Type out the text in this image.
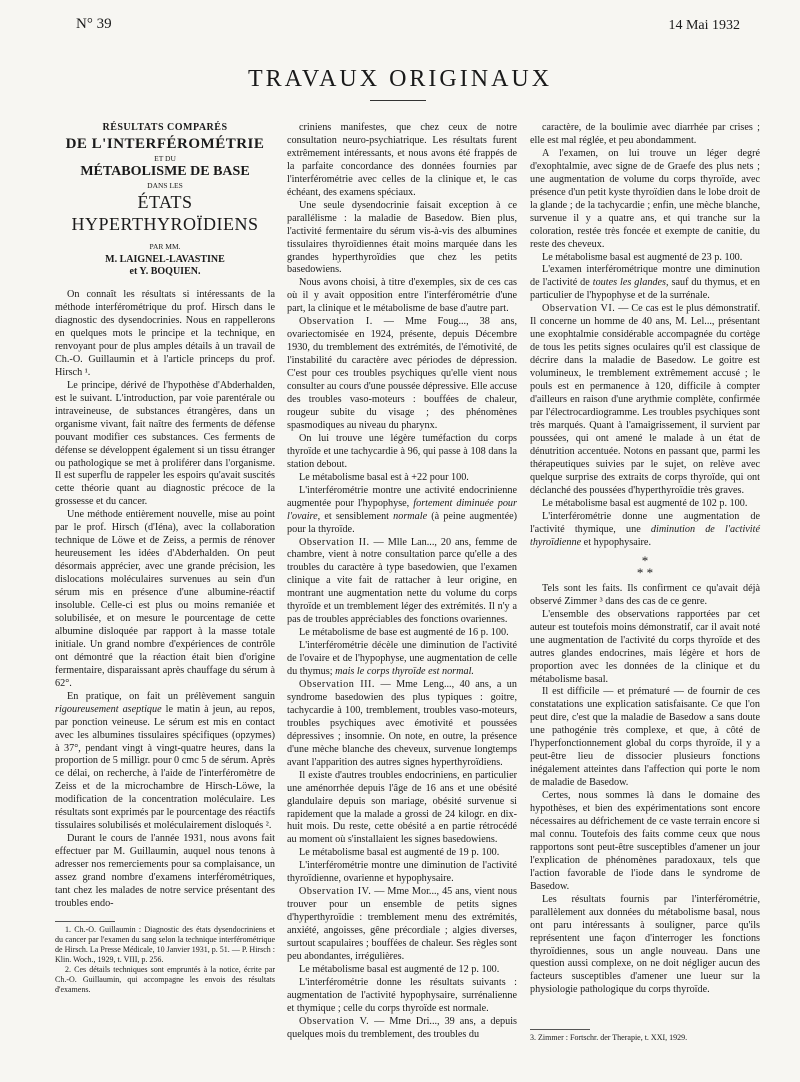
N° 39	14 Mai 1932
TRAVAUX ORIGINAUX
RÉSULTATS COMPARÉS
DE L'INTERFÉROMÉTRIE
ET DU
MÉTABOLISME DE BASE
DANS LES
ÉTATS HYPERTHYROÏDIENS
PAR MM.
M. LAIGNEL-LAVASTINE
et Y. BOQUIEN.

On connaît les résultats si intéressants de la méthode interférométrique du prof. Hirsch dans le diagnostic des dysendocrinies. Nous en rappellerons en quelques mots le principe et la technique, en renvoyant pour de plus amples détails à un travail de Ch.-O. Guillaumin et à l'article princeps du prof. Hirsch ¹.

Le principe, dérivé de l'hypothèse d'Abderhalden, est le suivant. L'introduction, par voie parentérale ou intraveineuse, de substances étrangères, dans un organisme vivant, fait naître des ferments de défense pouvant modifier ces substances. Ces ferments de défense se développent également si un tissu étranger ou pathologique se met à proliférer dans l'organisme. Il est superflu de rappeler les espoirs qu'avait suscités cette théorie quant au diagnostic précoce de la grossesse et du cancer.

Une méthode entièrement nouvelle, mise au point par le prof. Hirsch (d'Iéna), avec la collaboration technique de Löwe et de Zeiss, a permis de rénover heureusement les idées d'Abderhalden. On peut désormais apprécier, avec une grande précision, les dislocations moléculaires survenues au sein d'un sérum mis en présence d'une albumine-réactif insoluble. Celle-ci est plus ou moins remaniée et solubilisée, et on mesure le pourcentage de cette albumine disloquée par rapport à la masse totale initiale. Un grand nombre d'expériences de contrôle ont démontré que la réaction était bien d'origine fermentaire, disparaissant après chauffage du sérum à 62°.

En pratique, on fait un prélèvement sanguin rigoureusement aseptique le matin à jeun, au repos, par ponction veineuse. Le sérum est mis en contact avec les albumines tissulaires spécifiques (opzymes) à 37°, pendant vingt à vingt-quatre heures, dans la proportion de 5 milligr. pour 0 cmc 5 de sérum. Après ce délai, on recherche, à l'aide de l'interféromètre de Zeiss et de la microchambre de Hirsch-Löwe, la modification de la concentration moléculaire. Les résultats sont exprimés par le pourcentage des réactifs tissulaires solubilisés et moléculairement disloqués ².

Durant le cours de l'année 1931, nous avons fait effectuer par M. Guillaumin, auquel nous tenons à adresser nos remerciements pour sa complaisance, un assez grand nombre d'examens interférométriques, tant chez les malades de notre service présentant des troubles endo-

1. Ch.-O. Guillaumin : Diagnostic des états dysendocriniens et du cancer par l'examen du sang selon la technique interférométrique de Hirsch. La Presse Médicale, 10 Janvier 1931, p. 51. — P. Hirsch : Klin. Woch., 1929, t. VIII, p. 256.

2. Ces détails techniques sont empruntés à la notice, écrite par Ch.-O. Guillaumin, qui accompagne les envois des résultats d'examens.

criniens manifestes, que chez ceux de notre consultation neuro-psychiatrique. Les résultats furent extrêmement intéressants, et nous avons été frappés de la parfaite concordance des données fournies par l'interférométrie avec celles de la clinique et, le cas échéant, des examens spéciaux.

Une seule dysendocrinie faisait exception à ce parallélisme : la maladie de Basedow. Bien plus, l'activité fermentaire du sérum vis-à-vis des albumines tissulaires thyroïdiennes était moins marquée dans les grandes hyperthyroïdies que chez les petits basedowiens.

Nous avons choisi, à titre d'exemples, six de ces cas où il y avait opposition entre l'interférométrie d'une part, la clinique et le métabolisme de base d'autre part.

Observation I. — Mme Foug..., 38 ans, ovariectomisée en 1924, présente, depuis Décembre 1930, du tremblement des extrémités, de l'émotivité, de l'instabilité du caractère avec périodes de dépression. C'est pour ces troubles psychiques qu'elle vient nous consulter au cours d'une poussée dépressive. Elle accuse des troubles vaso-moteurs : bouffées de chaleur, rougeur subite du visage ; des phénomènes spasmodiques au niveau du pharynx.

On lui trouve une légère tuméfaction du corps thyroïde et une tachycardie à 96, qui passe à 108 dans la station debout.

Le métabolisme basal est à +22 pour 100.

L'interférométrie montre une activité endocrinienne augmentée pour l'hypophyse, fortement diminuée pour l'ovaire, et sensiblement normale (à peine augmentée) pour la thyroïde.

Observation II. — Mlle Lan..., 20 ans, femme de chambre, vient à notre consultation parce qu'elle a des troubles du caractère à type basedowien, que l'examen clinique a vite fait de rattacher à leur origine, en montrant une augmentation nette du volume du corps thyroïde et un tremblement léger des extrémités. Il n'y a pas de troubles appréciables des fonctions ovariennes.

Le métabolisme de base est augmenté de 16 p. 100.

L'interférométrie décèle une diminution de l'activité de l'ovaire et de l'hypophyse, une augmentation de celle du thymus; mais le corps thyroïde est normal.

Observation III. — Mme Leng..., 40 ans, a un syndrome basedowien des plus typiques : goitre, tachycardie à 100, tremblement, troubles vaso-moteurs, troubles psychiques avec émotivité et poussées dépressives ; insomnie. On note, en outre, la présence d'une mèche blanche des cheveux, survenue longtemps avant l'apparition des autres signes hyperthyroïdiens.

Il existe d'autres troubles endocriniens, en particulier une aménorrhée depuis l'âge de 16 ans et une obésité glandulaire depuis son mariage, obésité survenue si rapidement que la malade a grossi de 24 kilogr. en dix-huit mois. Du reste, cette obésité a en partie rétrocédé au moment où s'installaient les signes basedowiens.

Le métabolisme basal est augmenté de 19 p. 100.

L'interférométrie montre une diminution de l'activité thyroïdienne, ovarienne et hypophysaire.

Observation IV. — Mme Mor..., 45 ans, vient nous trouver pour un ensemble de petits signes d'hyperthyroïdie : tremblement menu des extrémités, anxiété, angoisses, gêne précordiale ; algies diverses, surtout scapulaires ; bouffées de chaleur. Ses règles sont peu abondantes, irrégulières.

Le métabolisme basal est augmenté de 12 p. 100.

L'interférométrie donne les résultats suivants : augmentation de l'activité hypophysaire, surrénalienne et thymique ; celle du corps thyroïde est normale.

Observation V. — Mme Dri..., 39 ans, a depuis quelques mois du tremblement, des troubles du

caractère, de la boulimie avec diarrhée par crises ; elle est mal réglée, et peu abondamment.

A l'examen, on lui trouve un léger degré d'exophtalmie, avec signe de de Graefe des plus nets ; une augmentation de volume du corps thyroïde, avec présence d'un petit kyste thyroïdien dans le lobe droit de la glande ; de la tachycardie ; enfin, une mèche blanche, survenue il y a quatre ans, et qui tranche sur la coloration, restée très foncée et exempte de canitie, du reste des cheveux.

Le métabolisme basal est augmenté de 23 p. 100.

L'examen interférométrique montre une diminution de l'activité de toutes les glandes, sauf du thymus, et en particulier de l'hypophyse et de la surrénale.

Observation VI. — Ce cas est le plus démonstratif. Il concerne un homme de 40 ans, M. Lel..., présentant une exophtalmie considérable accompagnée du cortège de tous les petits signes oculaires qu'il est classique de décrire dans la maladie de Basedow. Le goitre est volumineux, le tremblement extrêmement accusé ; le pouls est en permanence à 120, difficile à compter d'ailleurs en raison d'une arythmie complète, confirmée par l'électrocardiogramme. Les troubles psychiques sont très marqués. Quant à l'amaigrissement, il survient par poussées, qui ont amené le malade à un état de dénutrition accentuée. Notons en passant que, parmi les thérapeutiques suivies par le sujet, on relève avec quelque surprise des extraits de corps thyroïde, qui ont déclanché des poussées d'hyperthyroïdie très graves.

Le métabolisme basal est augmenté de 102 p. 100.

L'interférométrie donne une augmentation de l'activité thymique, une diminution de l'activité thyroïdienne et hypophysaire.

*
* *

Tels sont les faits. Ils confirment ce qu'avait déjà observé Zimmer ³ dans des cas de ce genre.

L'ensemble des observations rapportées par cet auteur est toutefois moins démonstratif, car il avait noté une augmentation de l'activité du corps thyroïde et des autres glandes endocrines, mais légère et hors de proportion avec les données de la clinique et du métabolisme basal.

Il est difficile — et prématuré — de fournir de ces constatations une explication satisfaisante. Ce que l'on peut dire, c'est que la maladie de Basedow a sans doute une pathogénie très complexe, et que, à côté de l'hyperfonctionnement global du corps thyroïde, il y a peut-être lieu de dissocier plusieurs fonctions inégalement atteintes dans l'affection qui porte le nom de maladie de Basedow.

Certes, nous sommes là dans le domaine des hypothèses, et bien des expérimentations sont encore nécessaires au défrichement de ce vaste terrain encore si mal connu. Toutefois des faits comme ceux que nous rapportons sont peut-être susceptibles d'amener un jour l'explication de phénomènes paradoxaux, tels que l'action favorable de l'iode dans le syndrome de Basedow.

Les résultats fournis par l'interférométrie, parallèlement aux données du métabolisme basal, nous ont paru intéressants à souligner, parce qu'ils représentent une façon d'interroger les fonctions thyroïdiennes, sous un angle nouveau. Dans une question aussi complexe, on ne doit négliger aucun des facteurs susceptibles d'amener une lueur sur la physiologie pathologique du corps thyroïde.

3. Zimmer : Fortschr. der Therapie, t. XXI, 1929.
